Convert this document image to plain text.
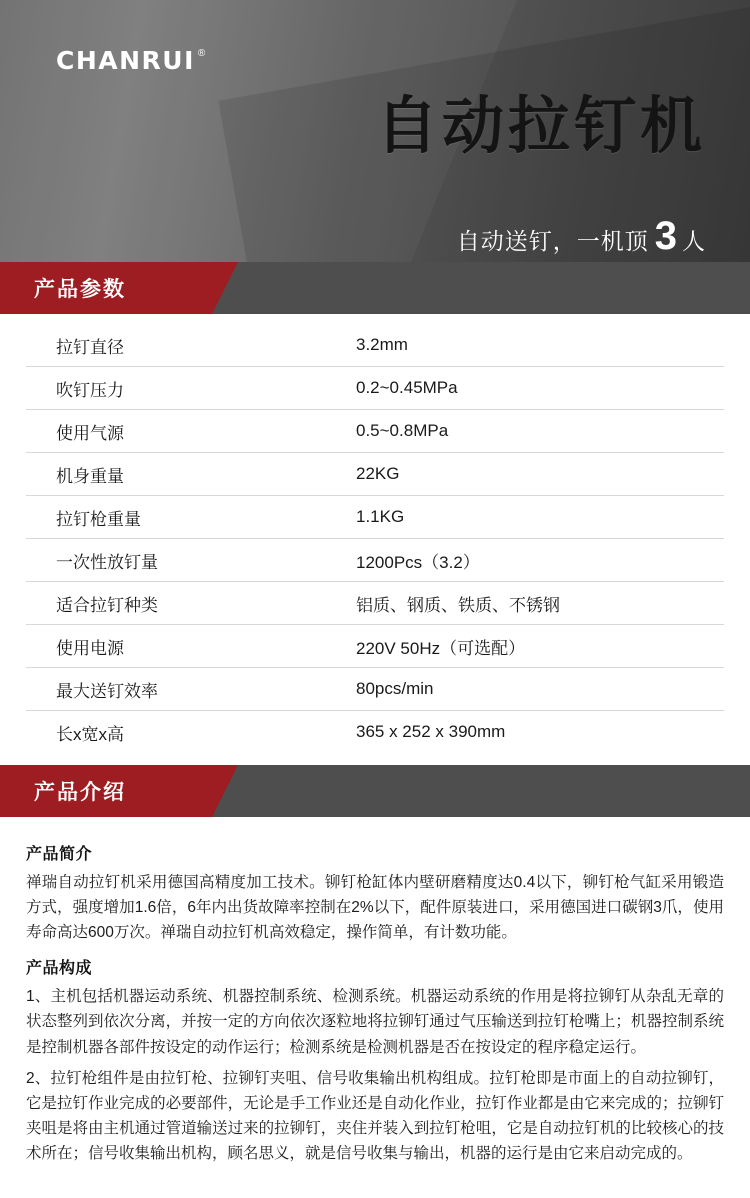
CHANRUI ®
自动拉钉机
自动送钉，一机顶 3 人
产品参数
拉钉直径	3.2mm
吹钉压力	0.2~0.45MPa
使用气源	0.5~0.8MPa
机身重量	22KG
拉钉枪重量	1.1KG
一次性放钉量	1200Pcs（3.2）
适合拉钉种类	铝质、钢质、铁质、不锈钢
使用电源	220V 50Hz（可选配）
最大送钉效率	80pcs/min
长x宽x高	365 x 252 x 390mm
产品介绍
产品简介

禅瑞自动拉钉机采用德国高精度加工技术。铆钉枪缸体内壁研磨精度达0.4以下，铆钉枪气缸采用锻造方式，强度增加1.6倍，6年内出货故障率控制在2%以下，配件原装进口，采用德国进口碳钢3爪，使用寿命高达600万次。禅瑞自动拉钉机高效稳定，操作简单，有计数功能。

产品构成

1、主机包括机器运动系统、机器控制系统、检测系统。机器运动系统的作用是将拉铆钉从杂乱无章的状态整列到依次分离，并按一定的方向依次逐粒地将拉铆钉通过气压输送到拉钉枪嘴上；机器控制系统是控制机器各部件按设定的动作运行；检测系统是检测机器是否在按设定的程序稳定运行。

2、拉钉枪组件是由拉钉枪、拉铆钉夹咀、信号收集输出机构组成。拉钉枪即是市面上的自动拉铆钉，它是拉钉作业完成的必要部件，无论是手工作业还是自动化作业，拉钉作业都是由它来完成的；拉铆钉夹咀是将由主机通过管道输送过来的拉铆钉，夹住并装入到拉钉枪咀，它是自动拉钉机的比较核心的技术所在；信号收集输出机构，顾名思义，就是信号收集与输出，机器的运行是由它来启动完成的。
